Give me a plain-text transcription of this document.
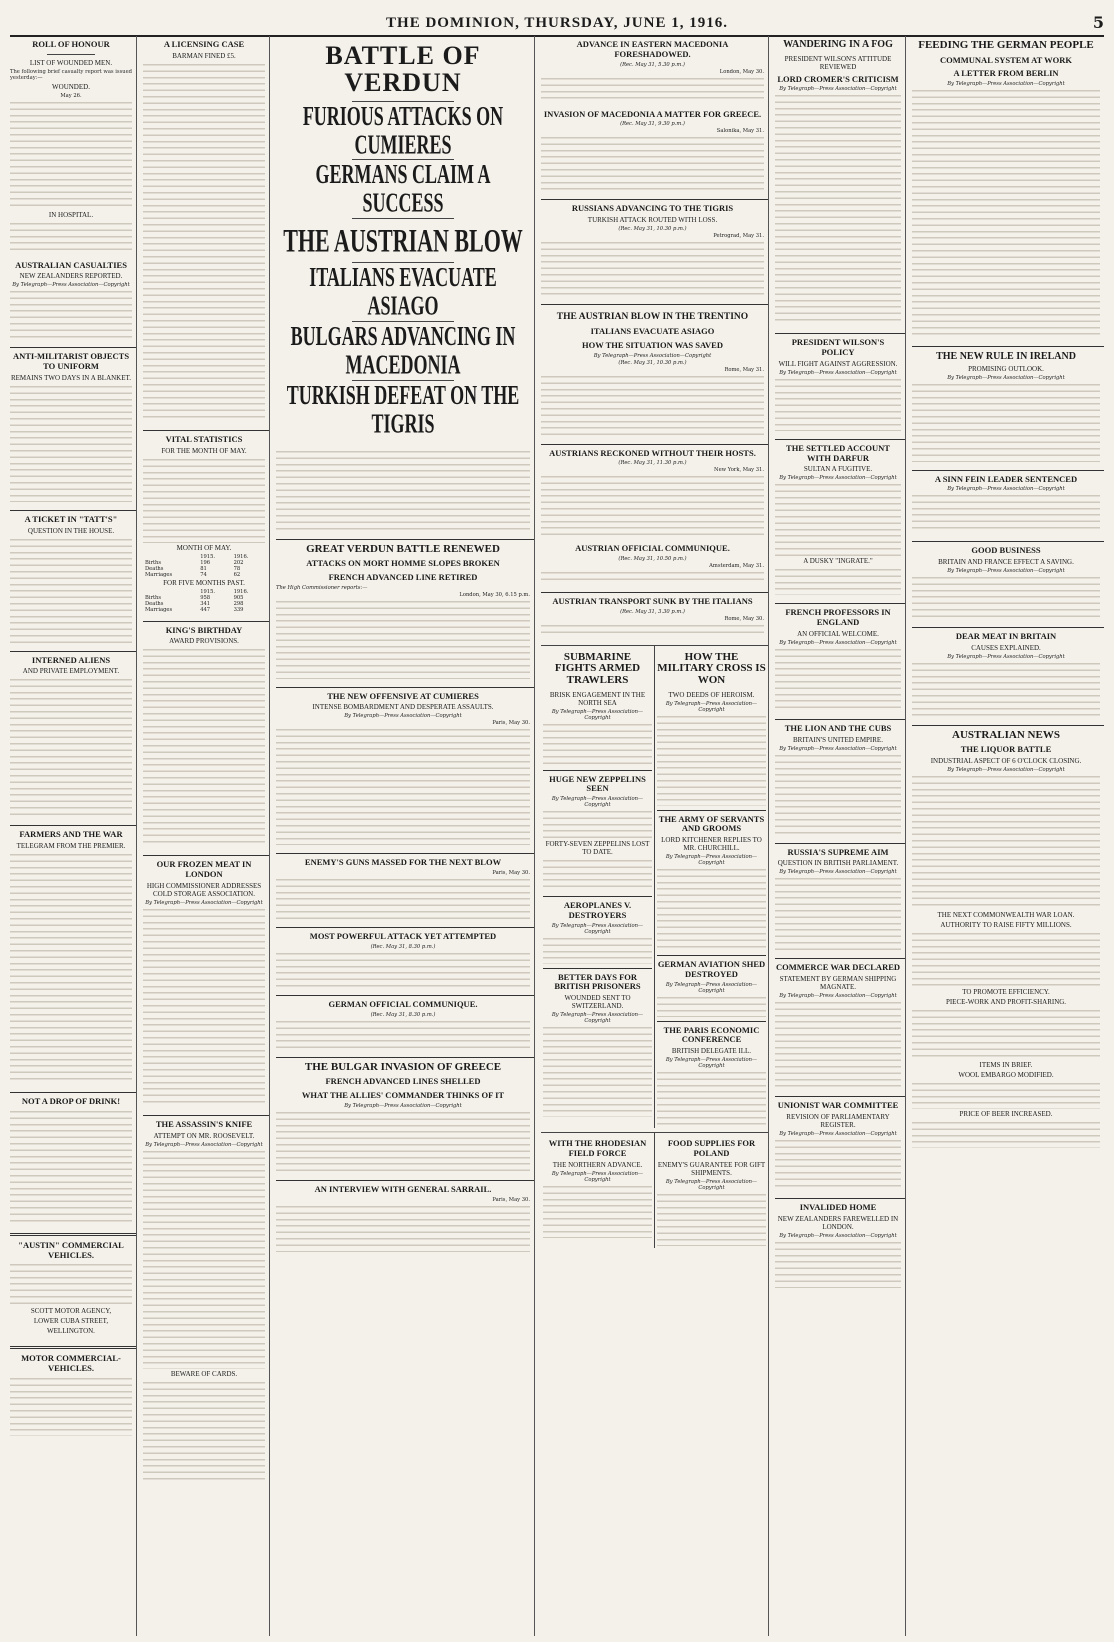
THE DOMINION, THURSDAY, JUNE 1, 1916.	5
ROLL OF HONOUR
LIST OF WOUNDED MEN.

The following brief casualty report was issued yesterday:—

WOUNDED.
May 26.
IN HOSPITAL.
AUSTRALIAN CASUALTIES
NEW ZEALANDERS REPORTED.
By Telegraph—Press Association—Copyright
ANTI-MILITARIST OBJECTS TO UNIFORM
REMAINS TWO DAYS IN A BLANKET.
A TICKET IN "TATT'S"
QUESTION IN THE HOUSE.
INTERNED ALIENS
AND PRIVATE EMPLOYMENT.
FARMERS AND THE WAR
TELEGRAM FROM THE PREMIER.
NOT A DROP OF DRINK!
"AUSTIN" COMMERCIAL VEHICLES.
SCOTT MOTOR AGENCY,
LOWER CUBA STREET,
WELLINGTON.
MOTOR COMMERCIAL-VEHICLES.
A LICENSING CASE
BARMAN FINED £5.
VITAL STATISTICS
FOR THE MONTH OF MAY.
MONTH OF MAY.
	1915.	1916.
Births	196	202
Deaths	81	78
Marriages	74	62
FOR FIVE MONTHS PAST.
	1915.	1916.
Births	958	905
Deaths	341	298
Marriages	447	339
KING'S BIRTHDAY
AWARD PROVISIONS.
OUR FROZEN MEAT IN LONDON
HIGH COMMISSIONER ADDRESSES COLD STORAGE ASSOCIATION.
By Telegraph—Press Association—Copyright
THE ASSASSIN'S KNIFE
ATTEMPT ON MR. ROOSEVELT.
By Telegraph—Press Association—Copyright
BEWARE OF CARDS.
BATTLE OF VERDUN
FURIOUS ATTACKS ON CUMIERES
GERMANS CLAIM A SUCCESS
THE AUSTRIAN BLOW
ITALIANS EVACUATE ASIAGO
BULGARS ADVANCING IN MACEDONIA
TURKISH DEFEAT ON THE TIGRIS
GREAT VERDUN BATTLE RENEWED
ATTACKS ON MORT HOMME SLOPES BROKEN
FRENCH ADVANCED LINE RETIRED
The High Commissioner reports:—
London, May 30, 6.15 p.m.
THE NEW OFFENSIVE AT CUMIERES
INTENSE BOMBARDMENT AND DESPERATE ASSAULTS.
By Telegraph—Press Association—Copyright
Paris, May 30.
ENEMY'S GUNS MASSED FOR THE NEXT BLOW
Paris, May 30.
MOST POWERFUL ATTACK YET ATTEMPTED
(Rec. May 31, 8.30 p.m.)
GERMAN OFFICIAL COMMUNIQUE.
(Rec. May 31, 8.30 p.m.)
THE BULGAR INVASION OF GREECE
FRENCH ADVANCED LINES SHELLED
WHAT THE ALLIES' COMMANDER THINKS OF IT
By Telegraph—Press Association—Copyright
AN INTERVIEW WITH GENERAL SARRAIL.
Paris, May 30.
ADVANCE IN EASTERN MACEDONIA FORESHADOWED.
(Rec. May 31, 5.30 p.m.)
London, May 30.
INVASION OF MACEDONIA A MATTER FOR GREECE.
(Rec. May 31, 9.30 p.m.)
Salonika, May 31.
RUSSIANS ADVANCING TO THE TIGRIS
TURKISH ATTACK ROUTED WITH LOSS.
(Rec. May 31, 10.30 p.m.)
Petrograd, May 31.
THE AUSTRIAN BLOW IN THE TRENTINO
ITALIANS EVACUATE ASIAGO
HOW THE SITUATION WAS SAVED
By Telegraph—Press Association—Copyright
(Rec. May 31, 10.30 p.m.)
Rome, May 31.
AUSTRIANS RECKONED WITHOUT THEIR HOSTS.
(Rec. May 31, 11.30 p.m.)
New York, May 31.
AUSTRIAN OFFICIAL COMMUNIQUE.
(Rec. May 31, 10.50 p.m.)
Amsterdam, May 31.
AUSTRIAN TRANSPORT SUNK BY THE ITALIANS
(Rec. May 31, 3.30 p.m.)
Rome, May 30.
SUBMARINE FIGHTS ARMED TRAWLERS
BRISK ENGAGEMENT IN THE NORTH SEA
By Telegraph—Press Association—Copyright
HUGE NEW ZEPPELINS SEEN
By Telegraph—Press Association—Copyright
FORTY-SEVEN ZEPPELINS LOST TO DATE.
AEROPLANES V. DESTROYERS
By Telegraph—Press Association—Copyright
BETTER DAYS FOR BRITISH PRISONERS
WOUNDED SENT TO SWITZERLAND.
By Telegraph—Press Association—Copyright
HOW THE MILITARY CROSS IS WON
TWO DEEDS OF HEROISM.
By Telegraph—Press Association—Copyright
THE ARMY OF SERVANTS AND GROOMS
LORD KITCHENER REPLIES TO MR. CHURCHILL.
By Telegraph—Press Association—Copyright
GERMAN AVIATION SHED DESTROYED
By Telegraph—Press Association—Copyright
THE PARIS ECONOMIC CONFERENCE
BRITISH DELEGATE ILL.
By Telegraph—Press Association—Copyright
WITH THE RHODESIAN FIELD FORCE
THE NORTHERN ADVANCE.
By Telegraph—Press Association—Copyright
FOOD SUPPLIES FOR POLAND
ENEMY'S GUARANTEE FOR GIFT SHIPMENTS.
By Telegraph—Press Association—Copyright
WANDERING IN A FOG
PRESIDENT WILSON'S ATTITUDE REVIEWED
LORD CROMER'S CRITICISM
By Telegraph—Press Association—Copyright
PRESIDENT WILSON'S POLICY
WILL FIGHT AGAINST AGGRESSION.
By Telegraph—Press Association—Copyright
THE SETTLED ACCOUNT WITH DARFUR
SULTAN A FUGITIVE.
By Telegraph—Press Association—Copyright
A DUSKY "INGRATE."
FRENCH PROFESSORS IN ENGLAND
AN OFFICIAL WELCOME.
By Telegraph—Press Association—Copyright
THE LION AND THE CUBS
BRITAIN'S UNITED EMPIRE.
By Telegraph—Press Association—Copyright
RUSSIA'S SUPREME AIM
QUESTION IN BRITISH PARLIAMENT.
By Telegraph—Press Association—Copyright
COMMERCE WAR DECLARED
STATEMENT BY GERMAN SHIPPING MAGNATE.
By Telegraph—Press Association—Copyright
UNIONIST WAR COMMITTEE
REVISION OF PARLIAMENTARY REGISTER.
By Telegraph—Press Association—Copyright
INVALIDED HOME
NEW ZEALANDERS FAREWELLED IN LONDON.
By Telegraph—Press Association—Copyright
FEEDING THE GERMAN PEOPLE
COMMUNAL SYSTEM AT WORK
A LETTER FROM BERLIN
By Telegraph—Press Association—Copyright
THE NEW RULE IN IRELAND
PROMISING OUTLOOK.
By Telegraph—Press Association—Copyright
A SINN FEIN LEADER SENTENCED
By Telegraph—Press Association—Copyright
GOOD BUSINESS
BRITAIN AND FRANCE EFFECT A SAVING.
By Telegraph—Press Association—Copyright
DEAR MEAT IN BRITAIN
CAUSES EXPLAINED.
By Telegraph—Press Association—Copyright
AUSTRALIAN NEWS
THE LIQUOR BATTLE
INDUSTRIAL ASPECT OF 6 O'CLOCK CLOSING.
By Telegraph—Press Association—Copyright
THE NEXT COMMONWEALTH WAR LOAN.
AUTHORITY TO RAISE FIFTY MILLIONS.
TO PROMOTE EFFICIENCY.
PIECE-WORK AND PROFIT-SHARING.
ITEMS IN BRIEF.
WOOL EMBARGO MODIFIED.
PRICE OF BEER INCREASED.
